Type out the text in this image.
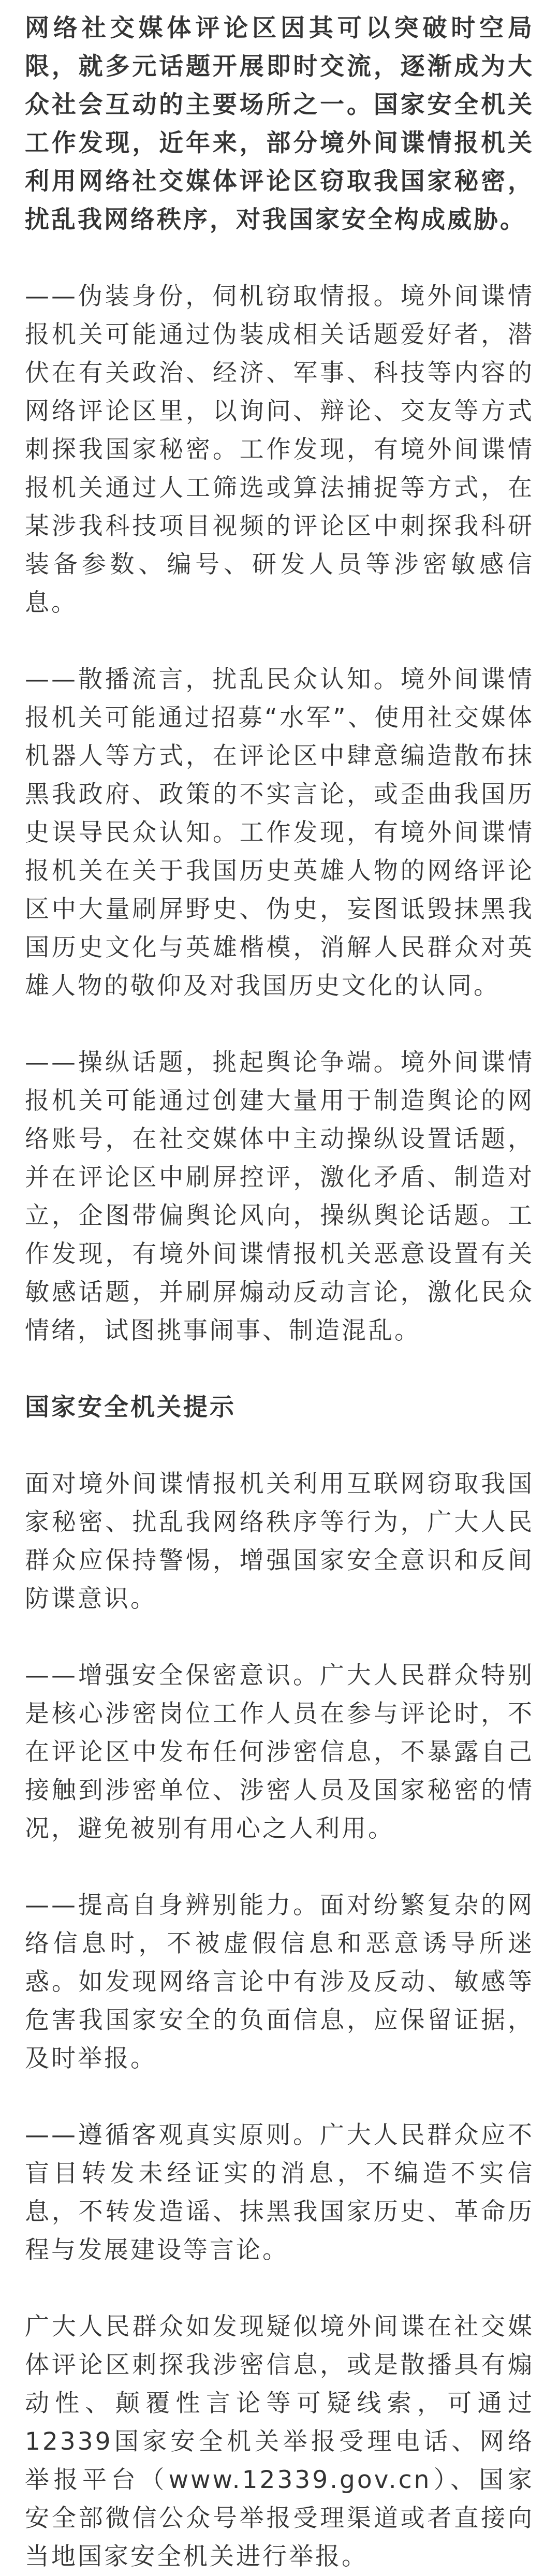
网络社交媒体评论区因其可以突破时空局限，就多元话题开展即时交流，逐渐成为大众社会互动的主要场所之一。国家安全机关工作发现，近年来，部分境外间谍情报机关利用网络社交媒体评论区窃取我国家秘密，扰乱我网络秩序，对我国家安全构成威胁。

——伪装身份，伺机窃取情报。境外间谍情报机关可能通过伪装成相关话题爱好者，潜伏在有关政治、经济、军事、科技等内容的网络评论区里，以询问、辩论、交友等方式刺探我国家秘密。工作发现，有境外间谍情报机关通过人工筛选或算法捕捉等方式，在某涉我科技项目视频的评论区中刺探我科研装备参数、编号、研发人员等涉密敏感信息。

——散播流言，扰乱民众认知。境外间谍情报机关可能通过招募“水军”、使用社交媒体机器人等方式，在评论区中肆意编造散布抹黑我政府、政策的不实言论，或歪曲我国历史误导民众认知。工作发现，有境外间谍情报机关在关于我国历史英雄人物的网络评论区中大量刷屏野史、伪史，妄图诋毁抹黑我国历史文化与英雄楷模，消解人民群众对英雄人物的敬仰及对我国历史文化的认同。

——操纵话题，挑起舆论争端。境外间谍情报机关可能通过创建大量用于制造舆论的网络账号，在社交媒体中主动操纵设置话题，并在评论区中刷屏控评，激化矛盾、制造对立，企图带偏舆论风向，操纵舆论话题。工作发现，有境外间谍情报机关恶意设置有关敏感话题，并刷屏煽动反动言论，激化民众情绪，试图挑事闹事、制造混乱。

国家安全机关提示

面对境外间谍情报机关利用互联网窃取我国家秘密、扰乱我网络秩序等行为，广大人民群众应保持警惕，增强国家安全意识和反间防谍意识。

——增强安全保密意识。广大人民群众特别是核心涉密岗位工作人员在参与评论时，不在评论区中发布任何涉密信息，不暴露自己接触到涉密单位、涉密人员及国家秘密的情况，避免被别有用心之人利用。

——提高自身辨别能力。面对纷繁复杂的网络信息时，不被虚假信息和恶意诱导所迷惑。如发现网络言论中有涉及反动、敏感等危害我国家安全的负面信息，应保留证据，及时举报。

——遵循客观真实原则。广大人民群众应不盲目转发未经证实的消息，不编造不实信息，不转发造谣、抹黑我国家历史、革命历程与发展建设等言论。

广大人民群众如发现疑似境外间谍在社交媒体评论区刺探我涉密信息，或是散播具有煽动性、颠覆性言论等可疑线索，可通过12339国家安全机关举报受理电话、网络举报平台（www.12339.gov.cn）、国家安全部微信公众号举报受理渠道或者直接向当地国家安全机关进行举报。
